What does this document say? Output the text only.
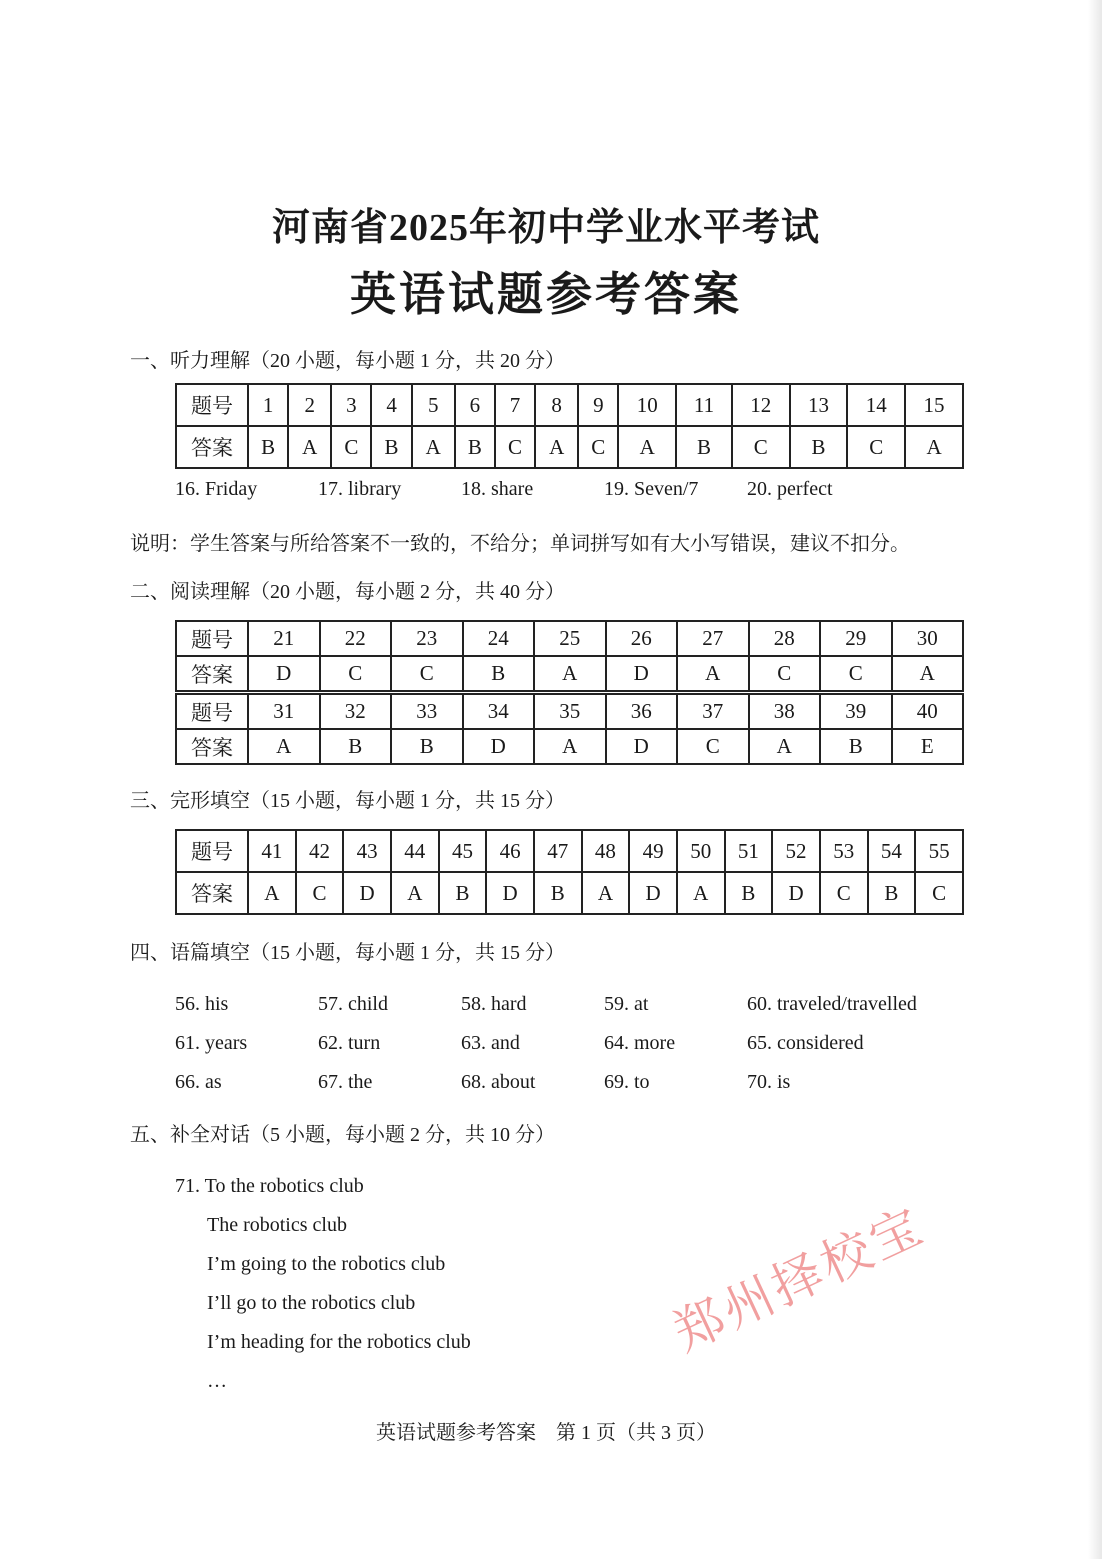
河南省2025年初中学业水平考试
英语试题参考答案
一、听力理解（20 小题，每小题 1 分，共 20 分）
题号	1	2	3	4	5	6	7	8	9	10	11	12	13	14	15
答案	B	A	C	B	A	B	C	A	C	A	B	C	B	C	A
16. Friday	17. library	18. share	19. Seven/7 20. perfect
说明：学生答案与所给答案不一致的，不给分；单词拼写如有大小写错误，建议不扣分。
二、阅读理解（20 小题，每小题 2 分，共 40 分）
题号	21	22	23	24	25	26	27	28	29	30
答案	D	C	C	B	A	D	A	C	C	A
题号	31	32	33	34	35	36	37	38	39	40
答案	A	B	B	D	A	D	C	A	B	E
三、完形填空（15 小题，每小题 1 分，共 15 分）
题号	41	42	43	44	45	46	47	48	49	50	51	52	53	54	55
答案	A	C	D	A	B	D	B	A	D	A	B	D	C	B	C
四、语篇填空（15 小题，每小题 1 分，共 15 分）
56. his	57. child	58. hard	59. at	60. traveled/travelled
61. years	62. turn	63. and	64. more	65. considered
66. as	67. the	68. about	69. to	70. is
五、补全对话（5 小题，每小题 2 分，共 10 分）
71. To the robotics club
The robotics club
I’m going to the robotics club
I’ll go to the robotics club
I’m heading for the robotics club
…
郑州择校宝
英语试题参考答案　第 1 页（共 3 页）
